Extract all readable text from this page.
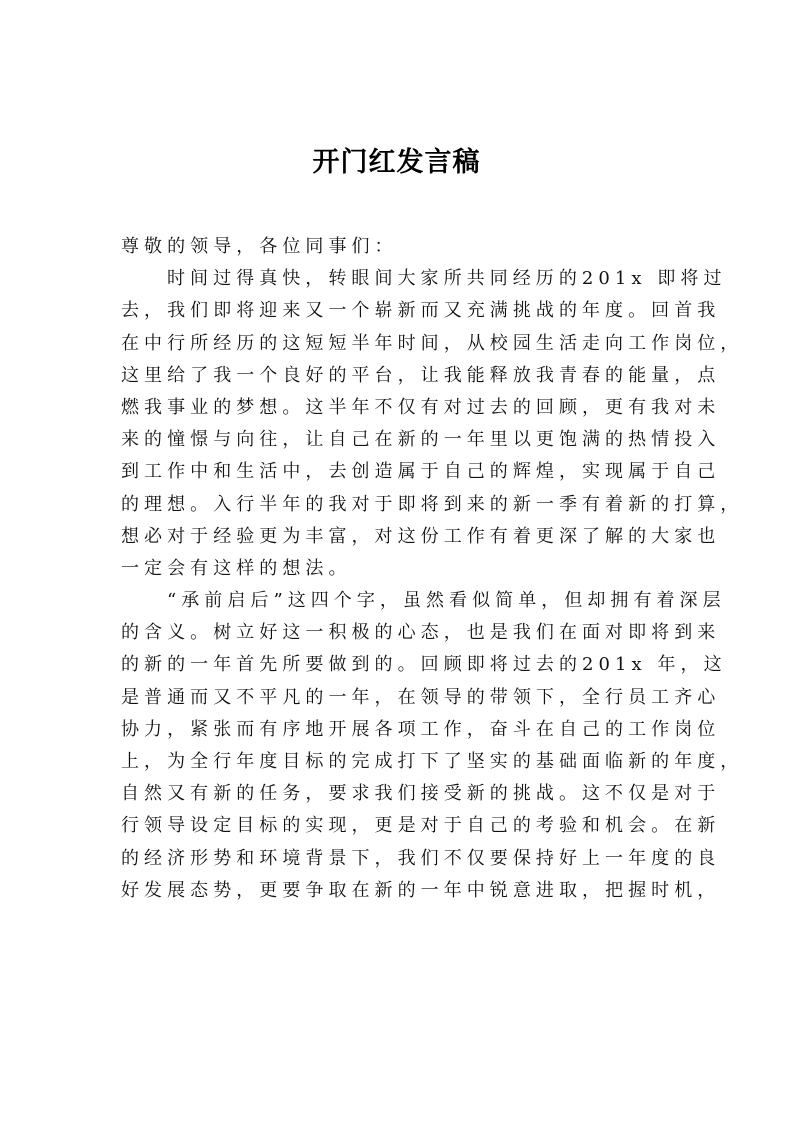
开门红发言稿
尊敬的领导，各位同事们：
时间过得真快，转眼间大家所共同经历的201x 即将过
去，我们即将迎来又一个崭新而又充满挑战的年度。回首我
在中行所经历的这短短半年时间，从校园生活走向工作岗位，
这里给了我一个良好的平台，让我能释放我青春的能量，点
燃我事业的梦想。这半年不仅有对过去的回顾，更有我对未
来的憧憬与向往，让自己在新的一年里以更饱满的热情投入
到工作中和生活中，去创造属于自己的辉煌，实现属于自己
的理想。入行半年的我对于即将到来的新一季有着新的打算，
想必对于经验更为丰富，对这份工作有着更深了解的大家也
一定会有这样的想法。
“承前启后”这四个字，虽然看似简单，但却拥有着深层
的含义。树立好这一积极的心态，也是我们在面对即将到来
的新的一年首先所要做到的。回顾即将过去的201x 年，这
是普通而又不平凡的一年，在领导的带领下，全行员工齐心
协力，紧张而有序地开展各项工作，奋斗在自己的工作岗位
上，为全行年度目标的完成打下了坚实的基础面临新的年度，
自然又有新的任务，要求我们接受新的挑战。这不仅是对于
行领导设定目标的实现，更是对于自己的考验和机会。在新
的经济形势和环境背景下，我们不仅要保持好上一年度的良
好发展态势，更要争取在新的一年中锐意进取，把握时机，
